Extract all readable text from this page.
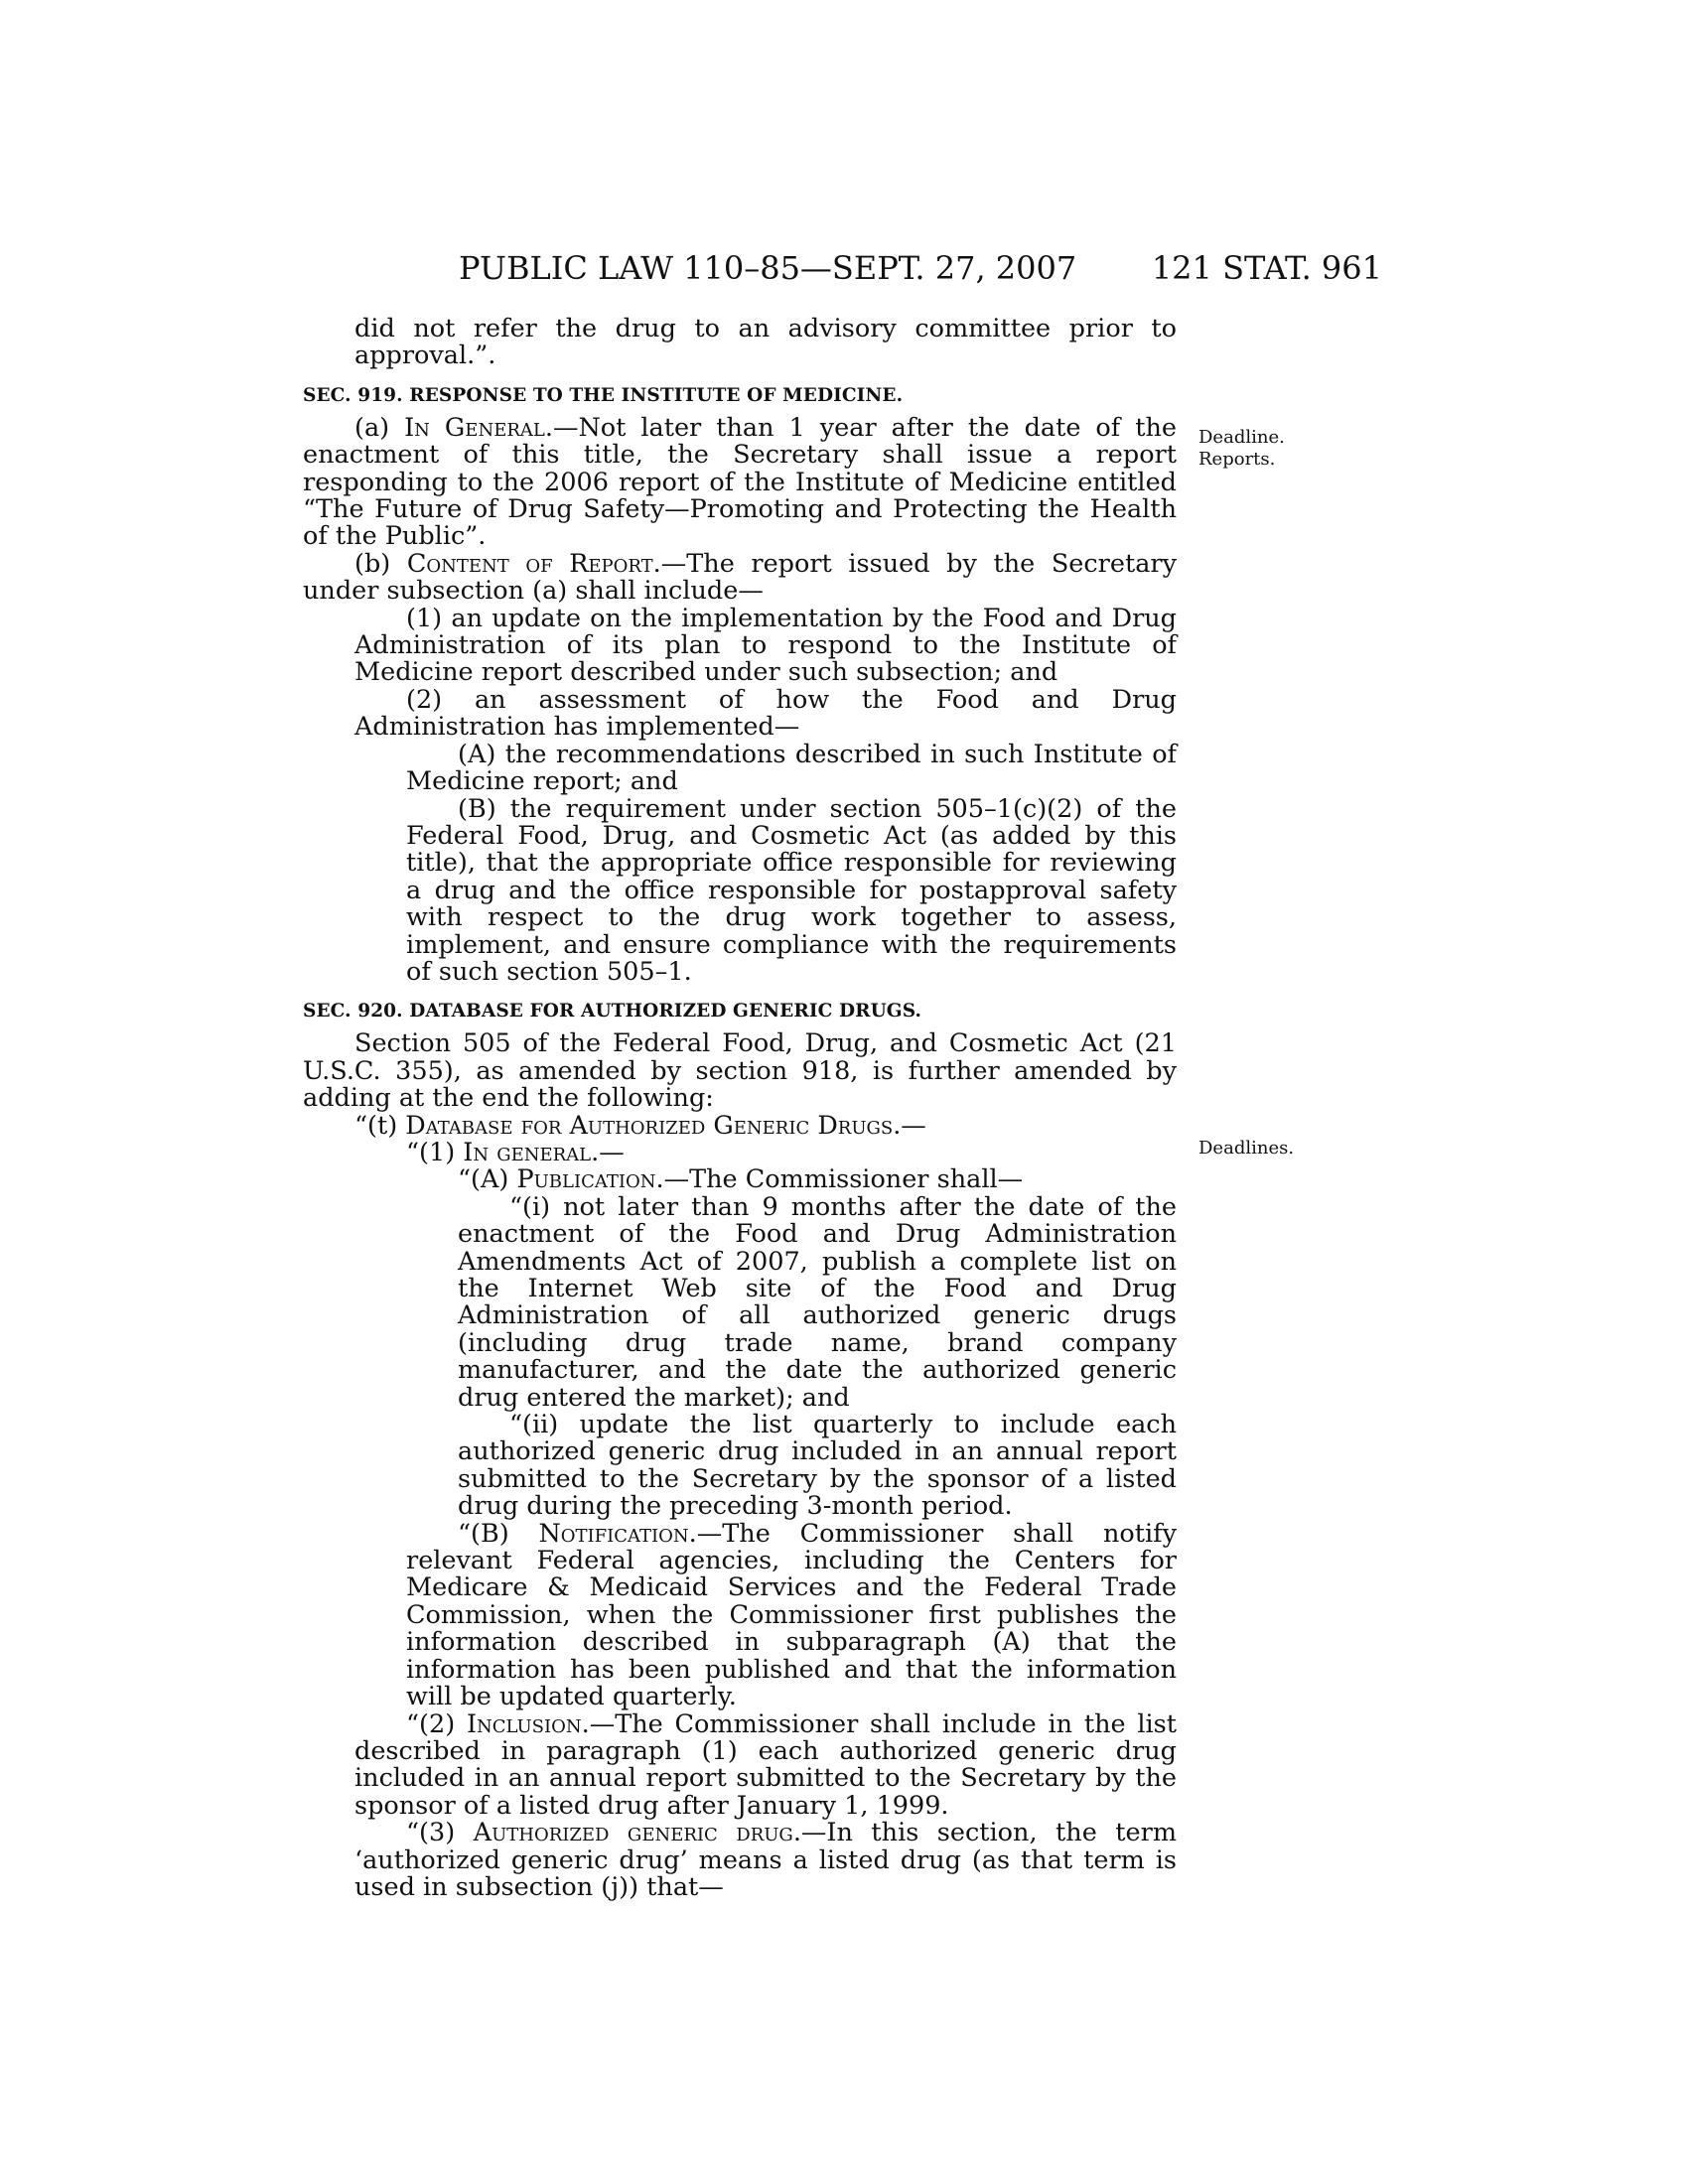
PUBLIC LAW 110–85—SEPT. 27, 2007	121 STAT. 961
Deadline.
Reports.
Deadlines.

did not refer the drug to an advisory committee prior to approval.”.

SEC. 919. RESPONSE TO THE INSTITUTE OF MEDICINE.

(a) In General.—Not later than 1 year after the date of the enactment of this title, the Secretary shall issue a report responding to the 2006 report of the Institute of Medicine entitled “The Future of Drug Safety—Promoting and Protecting the Health of the Public”.

(b) Content of Report.—The report issued by the Secretary under subsection (a) shall include—

(1) an update on the implementation by the Food and Drug Administration of its plan to respond to the Institute of Medicine report described under such subsection; and

(2) an assessment of how the Food and Drug Administration has implemented—

(A) the recommendations described in such Institute of Medicine report; and

(B) the requirement under section 505–1(c)(2) of the Federal Food, Drug, and Cosmetic Act (as added by this title), that the appropriate office responsible for reviewing a drug and the office responsible for postapproval safety with respect to the drug work together to assess, implement, and ensure compliance with the requirements of such section 505–1.

SEC. 920. DATABASE FOR AUTHORIZED GENERIC DRUGS.

Section 505 of the Federal Food, Drug, and Cosmetic Act (21 U.S.C. 355), as amended by section 918, is further amended by adding at the end the following:

“(t) Database for Authorized Generic Drugs.—

“(1) In general.—

“(A) Publication.—The Commissioner shall—

“(i) not later than 9 months after the date of the enactment of the Food and Drug Administration Amendments Act of 2007, publish a complete list on the Internet Web site of the Food and Drug Administration of all authorized generic drugs (including drug trade name, brand company manufacturer, and the date the authorized generic drug entered the market); and

“(ii) update the list quarterly to include each authorized generic drug included in an annual report submitted to the Secretary by the sponsor of a listed drug during the preceding 3-month period.

“(B) Notification.—The Commissioner shall notify relevant Federal agencies, including the Centers for Medicare & Medicaid Services and the Federal Trade Commission, when the Commissioner first publishes the information described in subparagraph (A) that the information has been published and that the information will be updated quarterly.

“(2) Inclusion.—The Commissioner shall include in the list described in paragraph (1) each authorized generic drug included in an annual report submitted to the Secretary by the sponsor of a listed drug after January 1, 1999.

“(3) Authorized generic drug.—In this section, the term ‘authorized generic drug’ means a listed drug (as that term is used in subsection (j)) that—
